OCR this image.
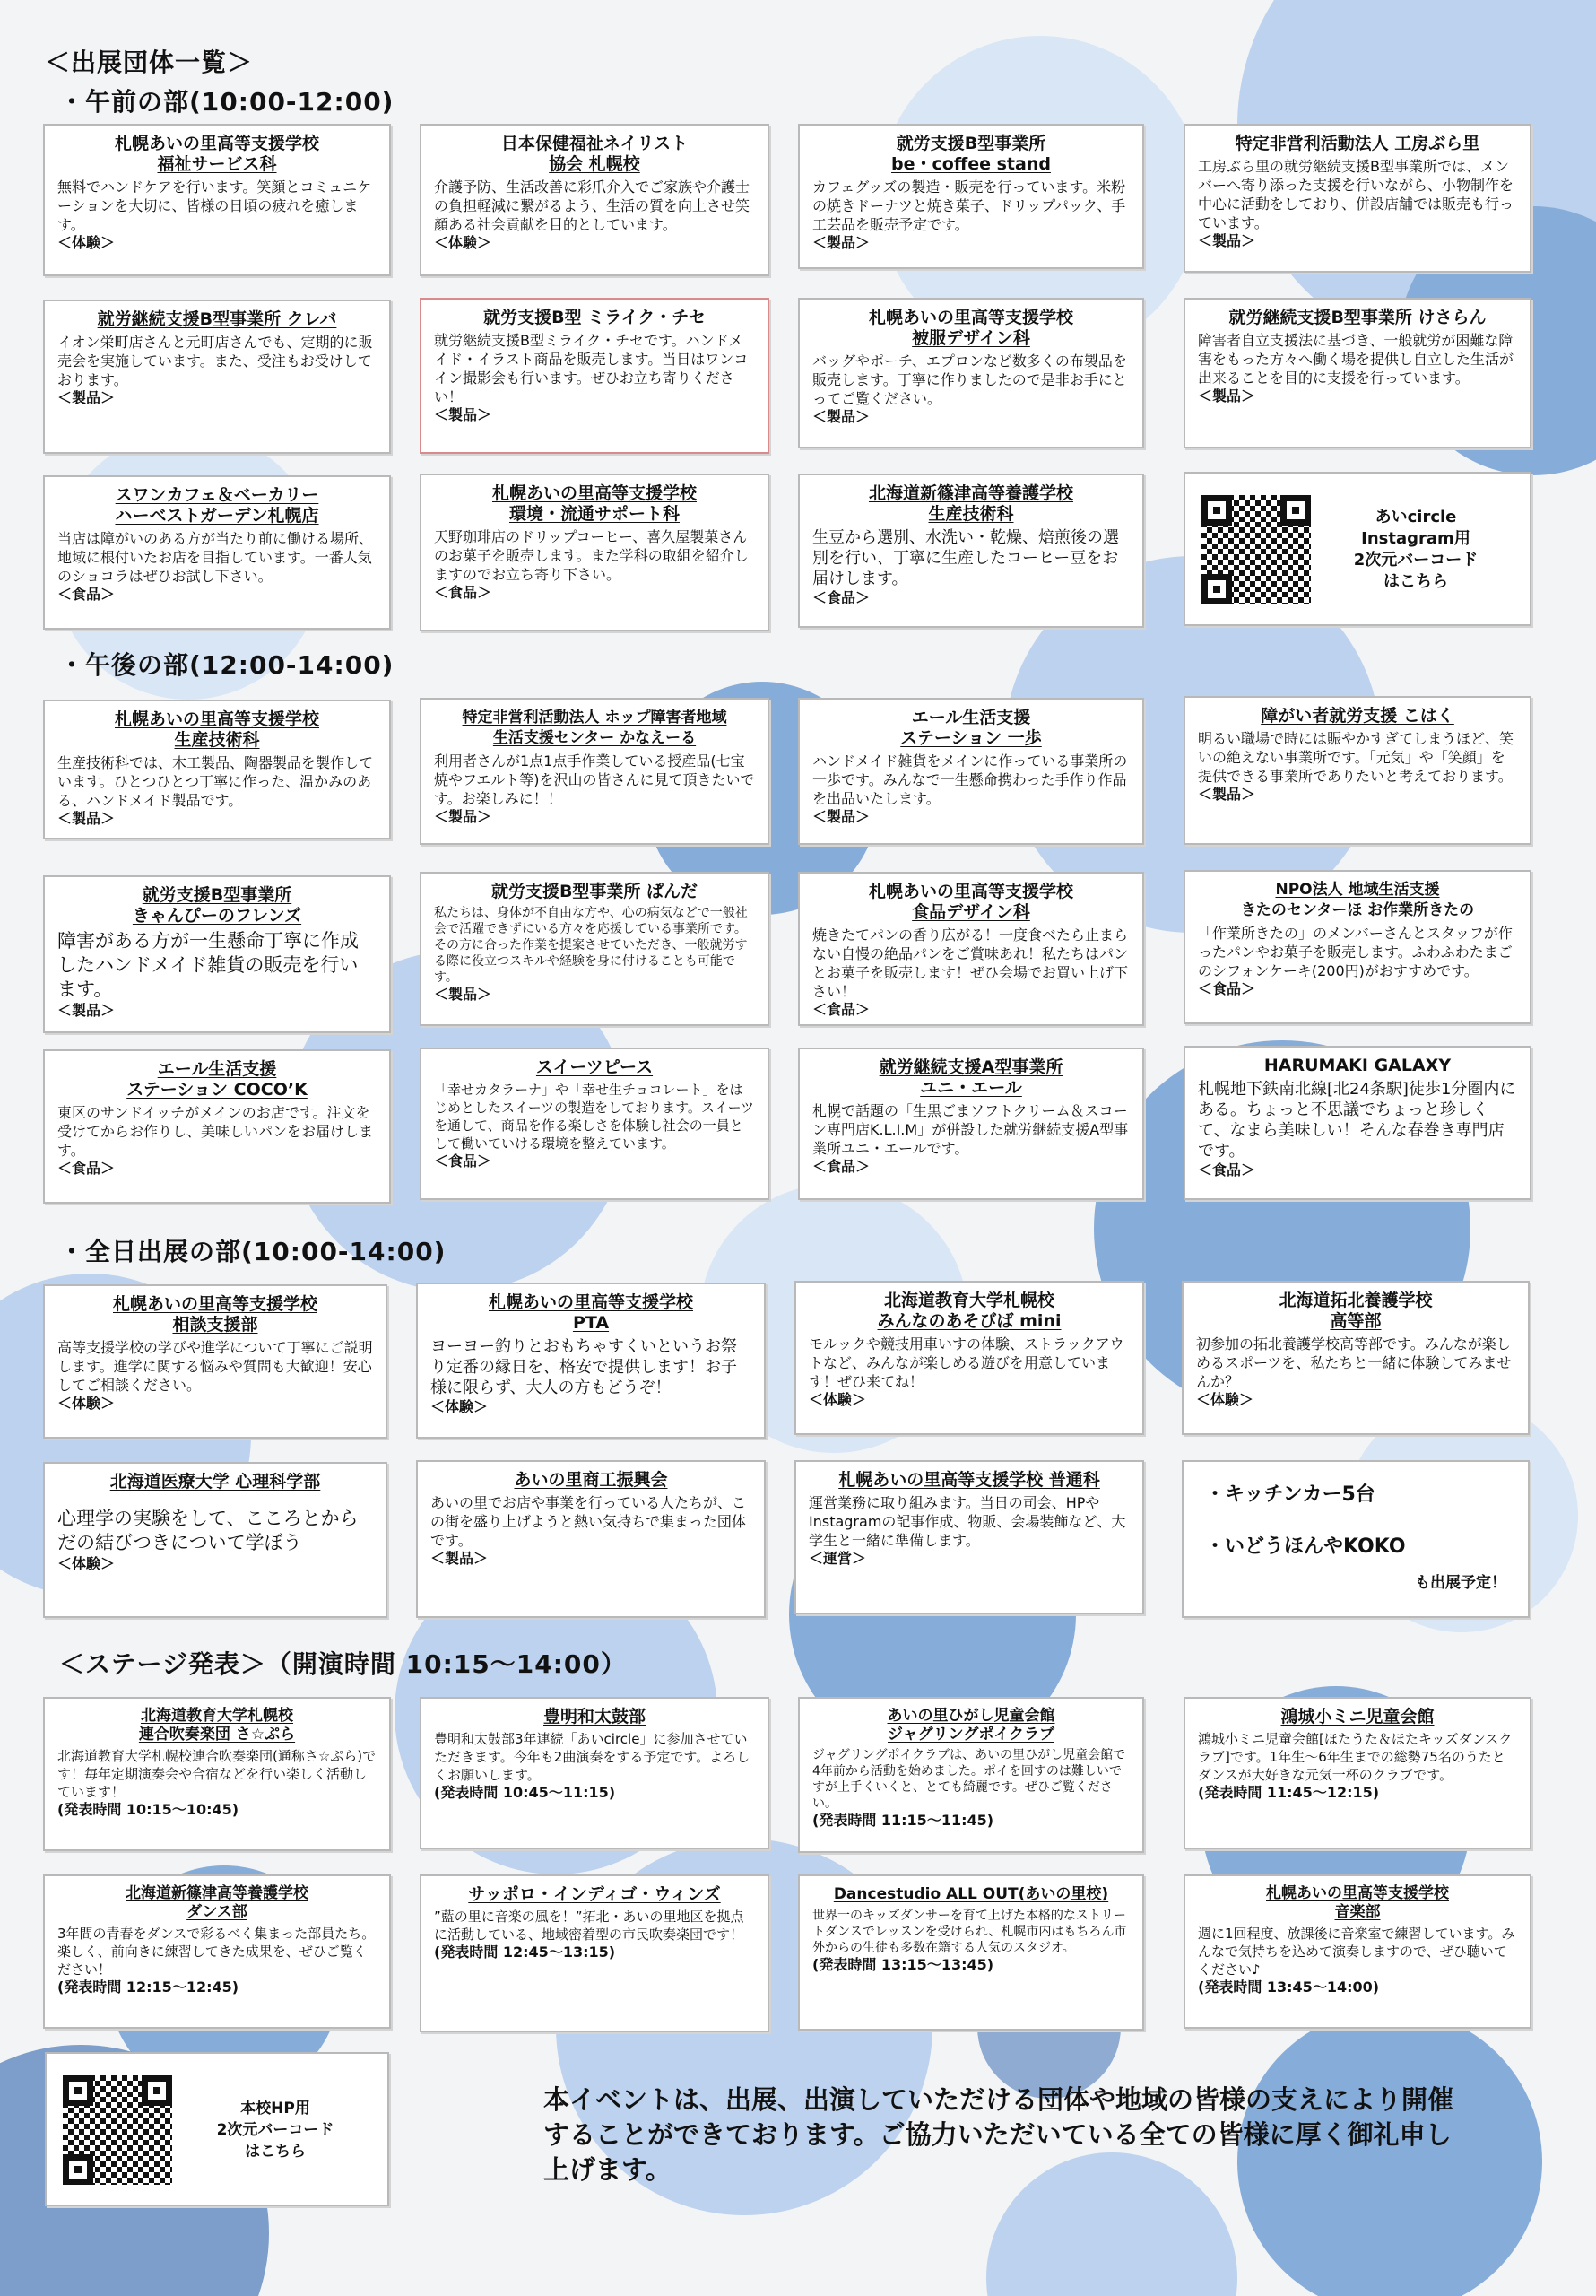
＜出展団体一覧＞
・午前の部(10:00-12:00)
・午後の部(12:00-14:00)
・全日出展の部(10:00-14:00)
＜ステージ発表＞（開演時間 10:15～14:00）
札幌あいの里高等支援学校
福祉サービス科
無料でハンドケアを行います。笑顔とコミュニケーションを大切に、皆様の日頃の疲れを癒します。
＜体験＞
日本保健福祉ネイリスト
協会 札幌校
介護予防、生活改善に彩爪介入でご家族や介護士の負担軽減に繋がるよう、生活の質を向上させ笑顔ある社会貢献を目的としています。
＜体験＞
就労支援B型事業所
be・coffee stand
カフェグッズの製造・販売を行っています。米粉の焼きドーナツと焼き菓子、ドリップパック、手工芸品を販売予定です。
＜製品＞
特定非営利活動法人 工房ぶら里
工房ぶら里の就労継続支援B型事業所では、メンバーへ寄り添った支援を行いながら、小物制作を中心に活動をしており、併設店舗では販売も行っています。
＜製品＞
就労継続支援B型事業所 クレバ
イオン栄町店さんと元町店さんでも、定期的に販売会を実施しています。また、受注もお受けしております。
＜製品＞
就労支援B型 ミライク・チセ
就労継続支援B型ミライク・チセです。ハンドメイド・イラスト商品を販売します。当日はワンコイン撮影会も行います。ぜひお立ち寄りください！
＜製品＞
札幌あいの里高等支援学校
被服デザイン科
バッグやポーチ、エプロンなど数多くの布製品を販売します。丁寧に作りましたので是非お手にとってご覧ください。
＜製品＞
就労継続支援B型事業所 けさらん
障害者自立支援法に基づき、一般就労が困難な障害をもった方々へ働く場を提供し自立した生活が出来ることを目的に支援を行っています。
＜製品＞
スワンカフェ＆ベーカリー
ハーベストガーデン札幌店
当店は障がいのある方が当たり前に働ける場所、地域に根付いたお店を目指しています。一番人気のショコラはぜひお試し下さい。
＜食品＞
札幌あいの里高等支援学校
環境・流通サポート科
天野珈琲店のドリップコーヒー、喜久屋製菓さんのお菓子を販売します。また学科の取組を紹介しますのでお立ち寄り下さい。
＜食品＞
北海道新篠津高等養護学校
生産技術科
生豆から選別、水洗い・乾燥、焙煎後の選別を行い、丁寧に生産したコーヒー豆をお届けします。
＜食品＞
あいcircle
Instagram用
2次元バーコード
はこちら
札幌あいの里高等支援学校
生産技術科
生産技術科では、木工製品、陶器製品を製作しています。ひとつひとつ丁寧に作った、温かみのある、ハンドメイド製品です。
＜製品＞
特定非営利活動法人 ホップ障害者地域
生活支援センター かなえーる
利用者さんが1点1点手作業している授産品(七宝焼やフエルト等)を沢山の皆さんに見て頂きたいです。お楽しみに！！
＜製品＞
エール生活支援
ステーション 一歩
ハンドメイド雑貨をメインに作っている事業所の一歩です。みんなで一生懸命携わった手作り作品を出品いたします。
＜製品＞
障がい者就労支援 こはく
明るい職場で時には賑やかすぎてしまうほど、笑いの絶えない事業所です。「元気」や「笑顔」を提供できる事業所でありたいと考えております。
＜製品＞
就労支援B型事業所
きゃんぴーのフレンズ
障害がある方が一生懸命丁寧に作成したハンドメイド雑貨の販売を行います。
＜製品＞
就労支援B型事業所 ぱんだ
私たちは、身体が不自由な方や、心の病気などで一般社会で活躍できずにいる方々を応援している事業所です。その方に合った作業を提案させていただき、一般就労する際に役立つスキルや経験を身に付けることも可能です。
＜製品＞
札幌あいの里高等支援学校
食品デザイン科
焼きたてパンの香り広がる！一度食べたら止まらない自慢の絶品パンをご賞味あれ！私たちはパンとお菓子を販売します！ぜひ会場でお買い上げ下さい！
＜食品＞
NPO法人 地域生活支援
きたのセンターほ お作業所きたの
「作業所きたの」のメンバーさんとスタッフが作ったパンやお菓子を販売します。ふわふわたまごのシフォンケーキ(200円)がおすすめです。
＜食品＞
エール生活支援
ステーション COCO’K
東区のサンドイッチがメインのお店です。注文を受けてからお作りし、美味しいパンをお届けします。
＜食品＞
スイーツピース
「幸せカタラーナ」や「幸せ生チョコレート」をはじめとしたスイーツの製造をしております。スイーツを通して、商品を作る楽しさを体験し社会の一員として働いていける環境を整えています。
＜食品＞
就労継続支援A型事業所
ユニ・エール
札幌で話題の「生黒ごまソフトクリーム＆スコーン専門店K.L.I.M」が併設した就労継続支援A型事業所ユニ・エールです。
＜食品＞
HARUMAKI GALAXY
札幌地下鉄南北線[北24条駅]徒歩1分圏内にある。ちょっと不思議でちょっと珍しくて、なまら美味しい！そんな春巻き専門店です。
＜食品＞
札幌あいの里高等支援学校
相談支援部
高等支援学校の学びや進学について丁寧にご説明します。進学に関する悩みや質問も大歓迎！安心してご相談ください。
＜体験＞
札幌あいの里高等支援学校
PTA
ヨーヨー釣りとおもちゃすくいというお祭り定番の縁日を、格安で提供します！お子様に限らず、大人の方もどうぞ！
＜体験＞
北海道教育大学札幌校
みんなのあそびば mini
モルックや競技用車いすの体験、ストラックアウトなど、みんなが楽しめる遊びを用意しています！ぜひ来てね！
＜体験＞
北海道拓北養護学校
高等部
初参加の拓北養護学校高等部です。みんなが楽しめるスポーツを、私たちと一緒に体験してみませんか？
＜体験＞
北海道医療大学 心理科学部
心理学の実験をして、こころとからだの結びつきについて学ぼう
＜体験＞
あいの里商工振興会
あいの里でお店や事業を行っている人たちが、この街を盛り上げようと熱い気持ちで集まった団体です。
＜製品＞
札幌あいの里高等支援学校 普通科
運営業務に取り組みます。当日の司会、HPやInstagramの記事作成、物販、会場装飾など、大学生と一緒に準備します。
＜運営＞
・キッチンカー5台
・いどうほんやKOKO
も出展予定！
北海道教育大学札幌校
連合吹奏楽団 さ☆ぷら
北海道教育大学札幌校連合吹奏楽団(通称さ☆ぷら)です！毎年定期演奏会や合宿などを行い楽しく活動しています！
(発表時間 10:15～10:45)
豊明和太鼓部
豊明和太鼓部3年連続「あいcircle」に参加させていただきます。今年も2曲演奏をする予定です。よろしくお願いします。
(発表時間 10:45～11:15)
あいの里ひがし児童会館
ジャグリングポイクラブ
ジャグリングポイクラブは、あいの里ひがし児童会館で4年前から活動を始めました。ポイを回すのは難しいですが上手くいくと、とても綺麗です。ぜひご覧ください。
(発表時間 11:15～11:45)
鴻城小ミニ児童会館
鴻城小ミニ児童会館[ほたうた＆ほたキッズダンスクラブ]です。1年生～6年生までの総勢75名のうたとダンスが大好きな元気一杯のクラブです。
(発表時間 11:45～12:15)
北海道新篠津高等養護学校
ダンス部
3年間の青春をダンスで彩るべく集まった部員たち。楽しく、前向きに練習してきた成果を、ぜひご覧ください！
(発表時間 12:15～12:45)
サッポロ・インディゴ・ウィンズ
”藍の里に音楽の風を！”拓北・あいの里地区を拠点に活動している、地域密着型の市民吹奏楽団です！
(発表時間 12:45～13:15)
Dancestudio ALL OUT(あいの里校)
世界一のキッズダンサーを育て上げた本格的なストリートダンスでレッスンを受けられ、札幌市内はもちろん市外からの生徒も多数在籍する人気のスタジオ。
(発表時間 13:15～13:45)
札幌あいの里高等支援学校
音楽部
週に1回程度、放課後に音楽室で練習しています。みんなで気持ちを込めて演奏しますので、ぜひ聴いてください♪
(発表時間 13:45～14:00)
本校HP用
2次元バーコード
はこちら
本イベントは、出展、出演していただける団体や地域の皆様の支えにより開催することができております。ご協力いただいている全ての皆様に厚く御礼申し上げます。
